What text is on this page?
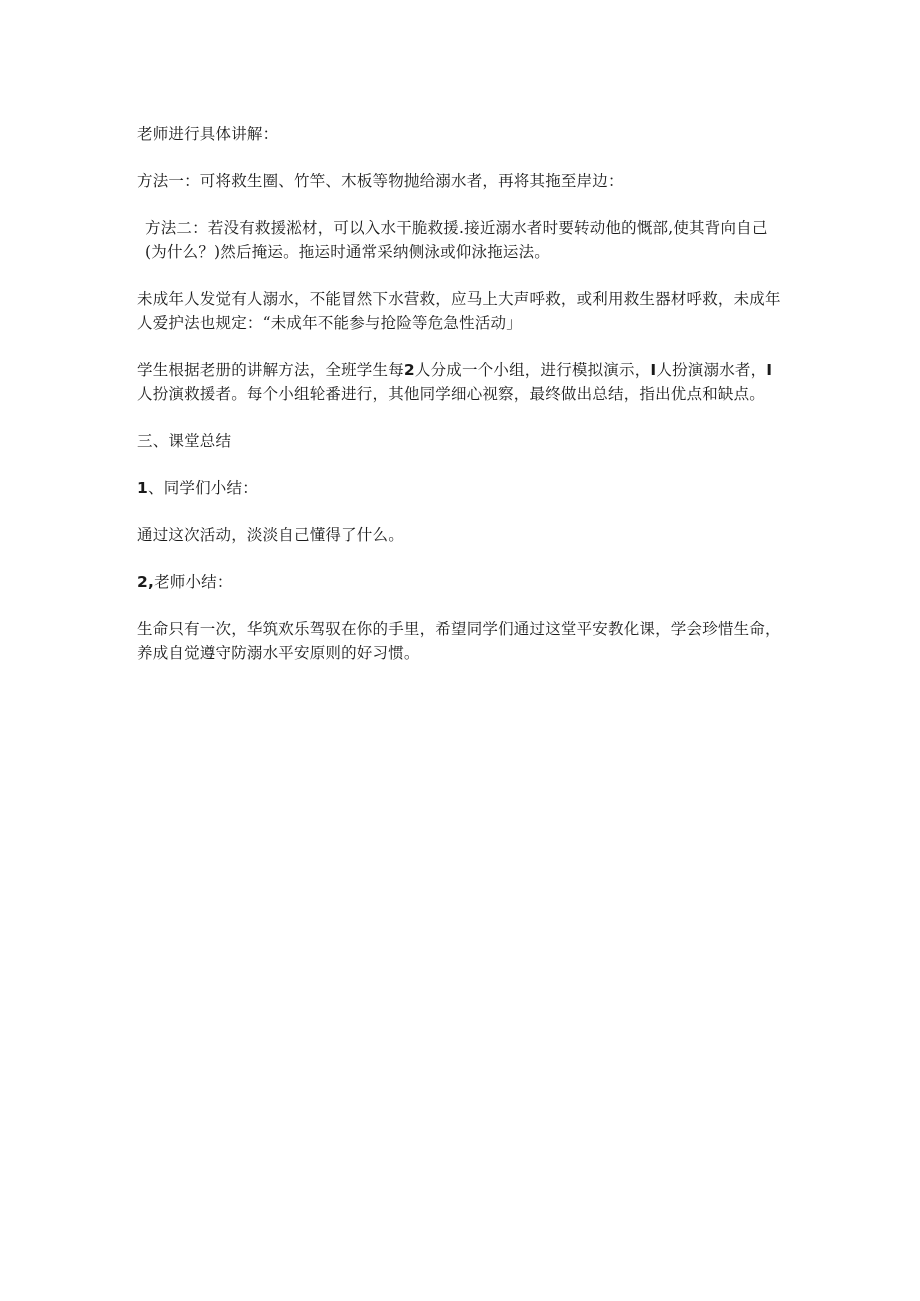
老师进行具体讲解：

方法一：可将救生圈、竹竿、木板等物抛给溺水者，再将其拖至岸边：

方法二：若没有救援淞材，可以入水干脆救援.接近溺水者时要转动他的慨部,使其背向自己(为什么？)然后掩运。拖运时通常采纳侧泳或仰泳拖运法。

未成年人发觉有人溺水，不能冒然下水营救，应马上大声呼救，或利用救生器材呼救，未成年人爱护法也规定：“未成年不能参与抢险等危急性活动」

学生根据老册的讲解方法，全班学生每2人分成一个小组，进行模拟演示，I人扮演溺水者，I人扮演救援者。每个小组轮番进行，其他同学细心视察，最终做出总结，指出优点和缺点。

三、课堂总结

1、同学们小结：

通过这次活动，淡淡自己懂得了什么。

2,老师小结：

生命只有一次，华筑欢乐驾驭在你的手里，希望同学们通过这堂平安教化课，学会珍惜生命，养成自觉遵守防溺水平安原则的好习惯。
